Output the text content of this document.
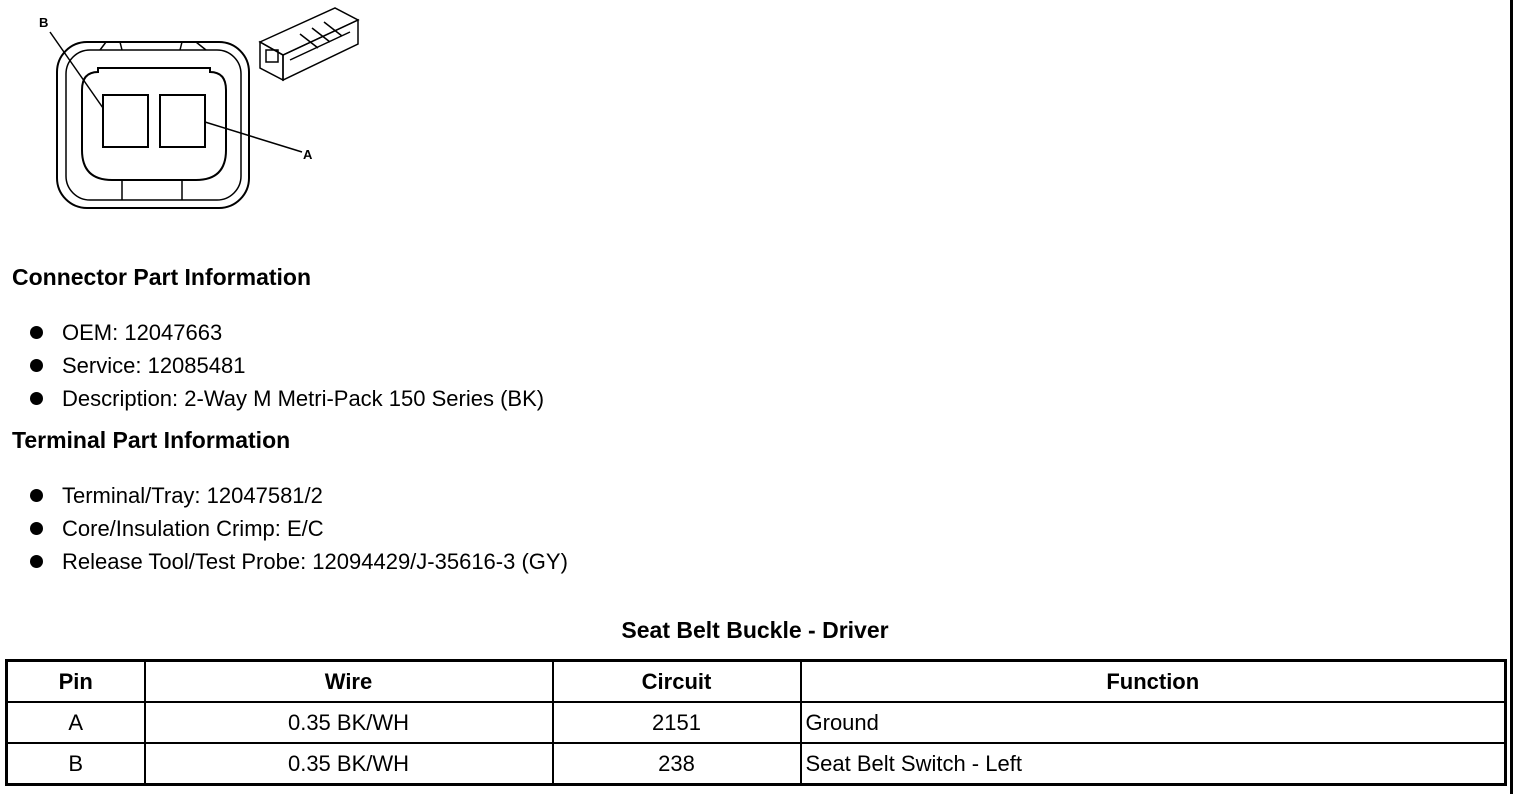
B
A
Connector Part Information
OEM: 12047663
Service: 12085481
Description: 2-Way M Metri-Pack 150 Series (BK)
Terminal Part Information
Terminal/Tray: 12047581/2
Core/Insulation Crimp: E/C
Release Tool/Test Probe: 12094429/J-35616-3 (GY)
Seat Belt Buckle - Driver
Pin	Wire	Circuit	Function
A	0.35 BK/WH	2151	Ground
B	0.35 BK/WH	238	Seat Belt Switch - Left
